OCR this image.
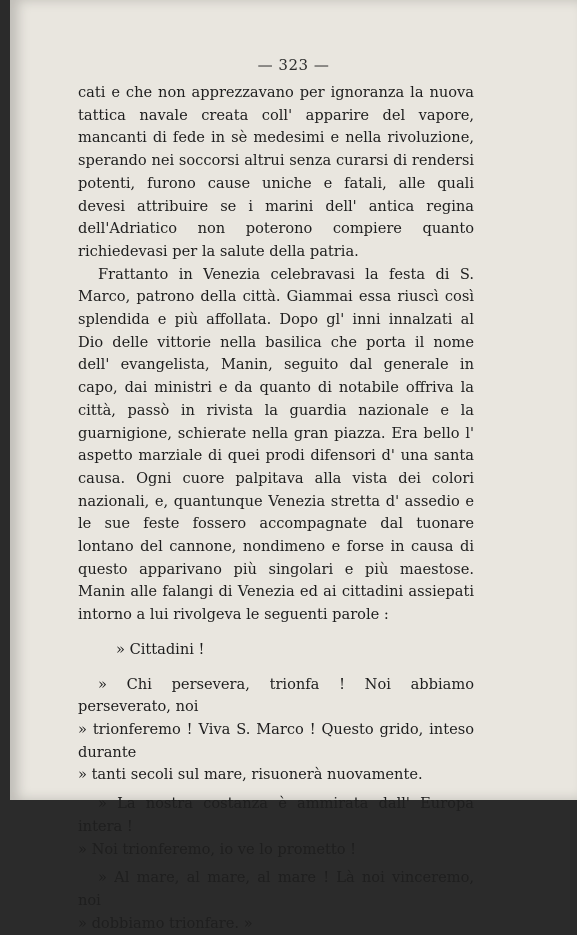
— 323 —

cati e che non apprezzavano per ignoranza la nuova tattica navale creata coll' apparire del vapore, mancanti di fede in sè medesimi e nella rivoluzione, sperando nei soccorsi altrui senza curarsi di rendersi potenti, furono cause uniche e fatali, alle quali devesi attribuire se i marini dell' antica regina dell'Adriatico non poterono compiere quanto richiedevasi per la salute della patria.

Frattanto in Venezia celebravasi la festa di S. Marco, patrono della città. Giammai essa riuscì così splendida e più affollata. Dopo gl' inni innalzati al Dio delle vittorie nella basilica che porta il nome dell' evangelista, Manin, seguito dal generale in capo, dai ministri e da quanto di notabile offriva la città, passò in rivista la guardia nazionale e la guarnigione, schierate nella gran piazza. Era bello l' aspetto marziale di quei prodi difensori d' una santa causa. Ogni cuore palpitava alla vista dei colori nazionali, e, quantunque Venezia stretta d' assedio e le sue feste fossero accompagnate dal tuonare lontano del cannone, nondimeno e forse in causa di questo apparivano più singolari e più maestose. Manin alle falangi di Venezia ed ai cittadini assiepati intorno a lui rivolgeva le seguenti parole :

» Cittadini !

» Chi persevera, trionfa ! Noi abbiamo perseverato, noi
» trionferemo ! Viva S. Marco ! Questo grido, inteso durante
» tanti secoli sul mare, risuonerà nuovamente.

» La nostra costanza è ammirata dall' Europa intera !
» Noi trionferemo, io ve lo prometto !

» Al mare, al mare, al mare ! Là noi vinceremo, noi
» dobbiamo trionfare. »
